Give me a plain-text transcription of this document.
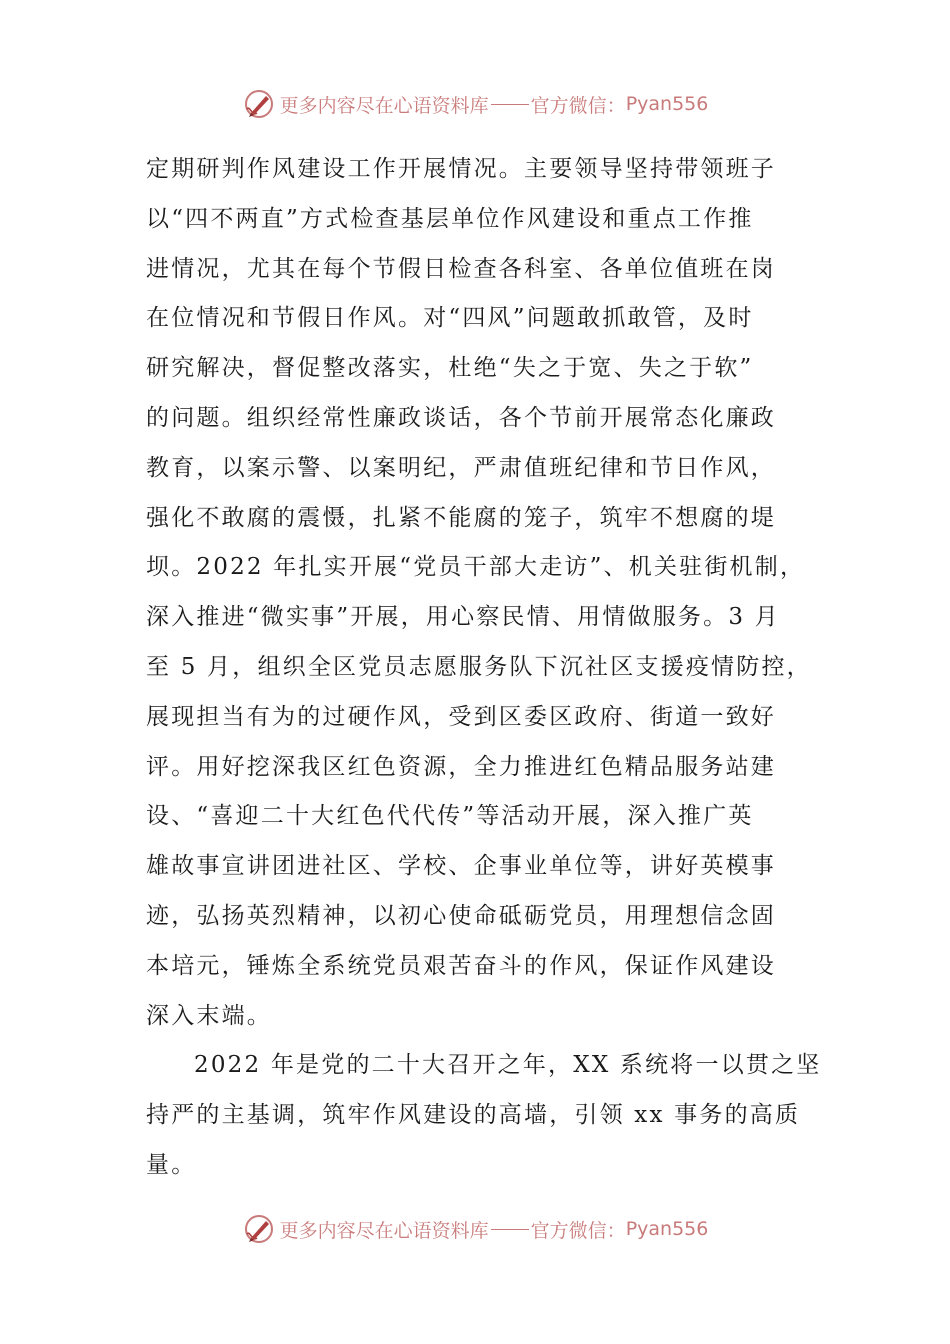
更多内容尽在心语资料库 官方微信： Pyan556
定期研判作风建设工作开展情况。主要领导坚持带领班子
以“四不两直”方式检查基层单位作风建设和重点工作推
进情况，尤其在每个节假日检查各科室、各单位值班在岗
在位情况和节假日作风。对“四风”问题敢抓敢管，及时
研究解决，督促整改落实，杜绝“失之于宽、失之于软”
的问题。组织经常性廉政谈话，各个节前开展常态化廉政
教育，以案示警、以案明纪，严肃值班纪律和节日作风，
强化不敢腐的震慑，扎紧不能腐的笼子，筑牢不想腐的堤
坝。2022 年扎实开展“党员干部大走访”、机关驻街机制，
深入推进“微实事”开展，用心察民情、用情做服务。3 月
至 5 月，组织全区党员志愿服务队下沉社区支援疫情防控，
展现担当有为的过硬作风，受到区委区政府、街道一致好
评。用好挖深我区红色资源，全力推进红色精品服务站建
设、“喜迎二十大红色代代传”等活动开展，深入推广英
雄故事宣讲团进社区、学校、企事业单位等，讲好英模事
迹，弘扬英烈精神，以初心使命砥砺党员，用理想信念固
本培元，锤炼全系统党员艰苦奋斗的作风，保证作风建设
深入末端。
2022 年是党的二十大召开之年，XX 系统将一以贯之坚
持严的主基调，筑牢作风建设的高墙，引领 xx 事务的高质
量。
更多内容尽在心语资料库 官方微信： Pyan556
